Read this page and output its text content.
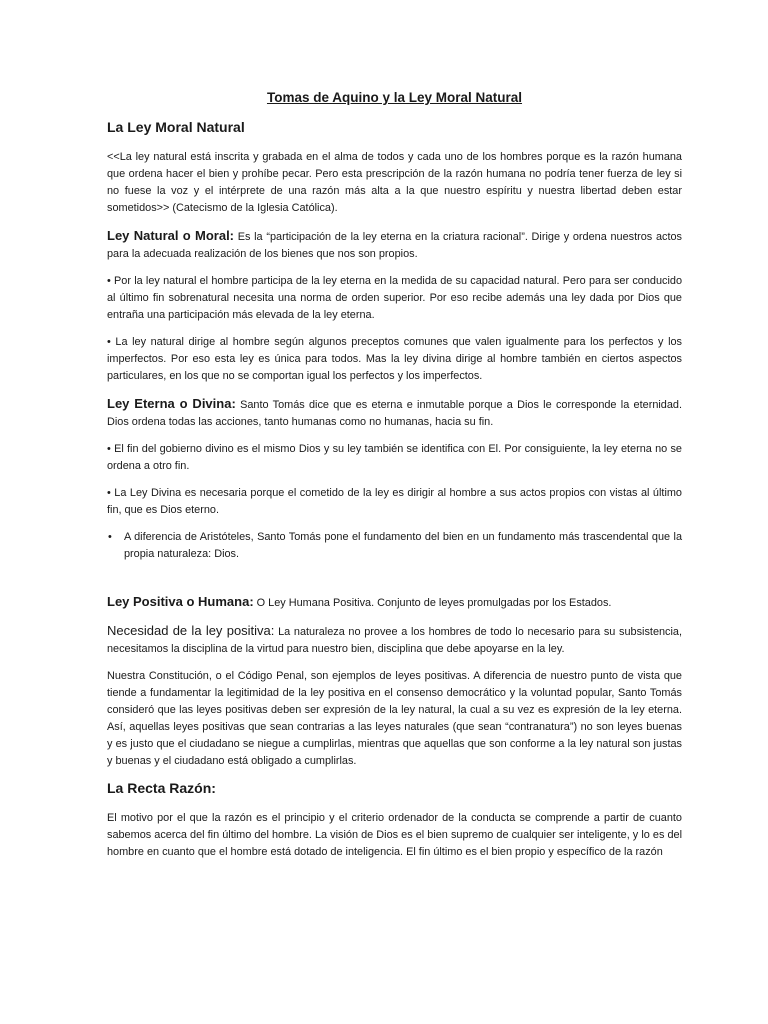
Tomas de Aquino y la Ley Moral Natural
La Ley Moral Natural

<<La ley natural está inscrita y grabada en el alma de todos y cada uno de los hombres porque es la razón humana que ordena hacer el bien y prohíbe pecar. Pero esta prescripción de la razón humana no podría tener fuerza de ley si no fuese la voz y el intérprete de una razón más alta a la que nuestro espíritu y nuestra libertad deben estar sometidos>> (Catecismo de la Iglesia Católica).

Ley Natural o Moral: Es la “participación de la ley eterna en la criatura racional”. Dirige y ordena nuestros actos para la adecuada realización de los bienes que nos son propios.

• Por la ley natural el hombre participa de la ley eterna en la medida de su capacidad natural. Pero para ser conducido al último fin sobrenatural necesita una norma de orden superior. Por eso recibe además una ley dada por Dios que entraña una participación más elevada de la ley eterna.

• La ley natural dirige al hombre según algunos preceptos comunes que valen igualmente para los perfectos y los imperfectos. Por eso esta ley es única para todos. Mas la ley divina dirige al hombre también en ciertos aspectos particulares, en los que no se comportan igual los perfectos y los imperfectos.

Ley Eterna o Divina: Santo Tomás dice que es eterna e inmutable porque a Dios le corresponde la eternidad. Dios ordena todas las acciones, tanto humanas como no humanas, hacia su fin.

• El fin del gobierno divino es el mismo Dios y su ley también se identifica con El. Por consiguiente, la ley eterna no se ordena a otro fin.

• La Ley Divina es necesaria porque el cometido de la ley es dirigir al hombre a sus actos propios con vistas al último fin, que es Dios eterno.

• A diferencia de Aristóteles, Santo Tomás pone el fundamento del bien en un fundamento más trascendental que la propia naturaleza: Dios.

Ley Positiva o Humana: O Ley Humana Positiva. Conjunto de leyes promulgadas por los Estados.

Necesidad de la ley positiva: La naturaleza no provee a los hombres de todo lo necesario para su subsistencia, necesitamos la disciplina de la virtud para nuestro bien, disciplina que debe apoyarse en la ley.

Nuestra Constitución, o el Código Penal, son ejemplos de leyes positivas. A diferencia de nuestro punto de vista que tiende a fundamentar la legitimidad de la ley positiva en el consenso democrático y la voluntad popular, Santo Tomás consideró que las leyes positivas deben ser expresión de la ley natural, la cual a su vez es expresión de la ley eterna. Así, aquellas leyes positivas que sean contrarias a las leyes naturales (que sean “contranatura”) no son leyes buenas y es justo que el ciudadano se niegue a cumplirlas, mientras que aquellas que son conforme a la ley natural son justas y buenas y el ciudadano está obligado a cumplirlas.

La Recta Razón:

El motivo por el que la razón es el principio y el criterio ordenador de la conducta se comprende a partir de cuanto sabemos acerca del fin último del hombre. La visión de Dios es el bien supremo de cualquier ser inteligente, y lo es del hombre en cuanto que el hombre está dotado de inteligencia. El fin último es el bien propio y específico de la razón
